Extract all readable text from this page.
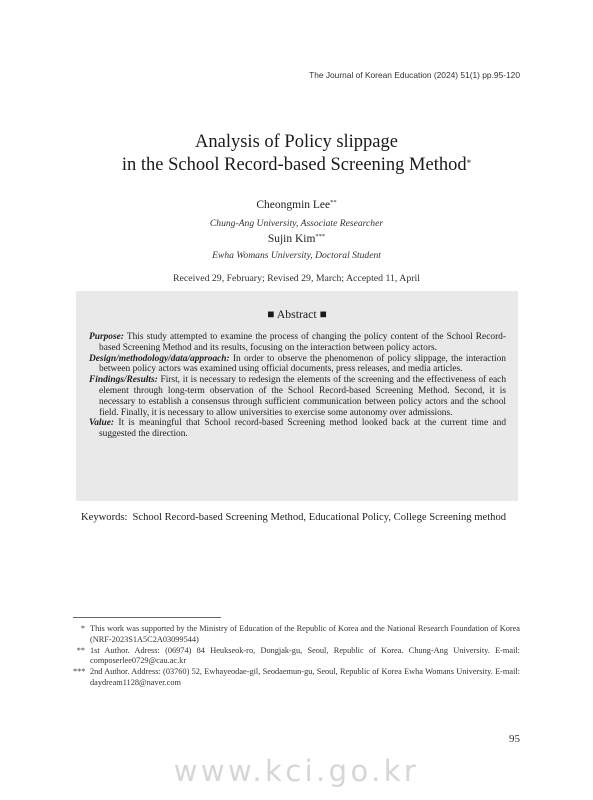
The Journal of Korean Education (2024) 51(1) pp.95-120
Analysis of Policy slippage
in the School Record-based Screening Method*
Cheongmin Lee**
Chung-Ang University, Associate Researcher
Sujin Kim***
Ewha Womans University, Doctoral Student
Received 29, February; Revised 29, March; Accepted 11, April
■ Abstract ■

Purpose: This study attempted to examine the process of changing the policy content of the School Record-based Screening Method and its results, focusing on the interaction between policy actors.

Design/methodology/data/approach: In order to observe the phenomenon of policy slippage, the interaction between policy actors was examined using official documents, press releases, and media articles.

Findings/Results: First, it is necessary to redesign the elements of the screening and the effectiveness of each element through long-term observation of the School Record-based Screening Method. Second, it is necessary to establish a consensus through sufficient communication between policy actors and the school field. Finally, it is necessary to allow universities to exercise some autonomy over admissions.

Value: It is meaningful that School record-based Screening method looked back at the current time and suggested the direction.

Keywords: School Record-based Screening Method, Educational Policy, College Screening method
* This work was supported by the Ministry of Education of the Republic of Korea and the National Research Foundation of Korea (NRF-2023S1A5C2A03099544)
** 1st Author. Adress: (06974) 84 Heukseok-ro, Dongjak-gu, Seoul, Republic of Korea. Chung-Ang University. E-mail: composerlee0729@cau.ac.kr
*** 2nd Author. Address: (03760) 52, Ewhayeodae-gil, Seodaemun-gu, Seoul, Republic of Korea Ewha Womans University. E-mail: daydream1128@naver.com
95
www.kci.go.kr
